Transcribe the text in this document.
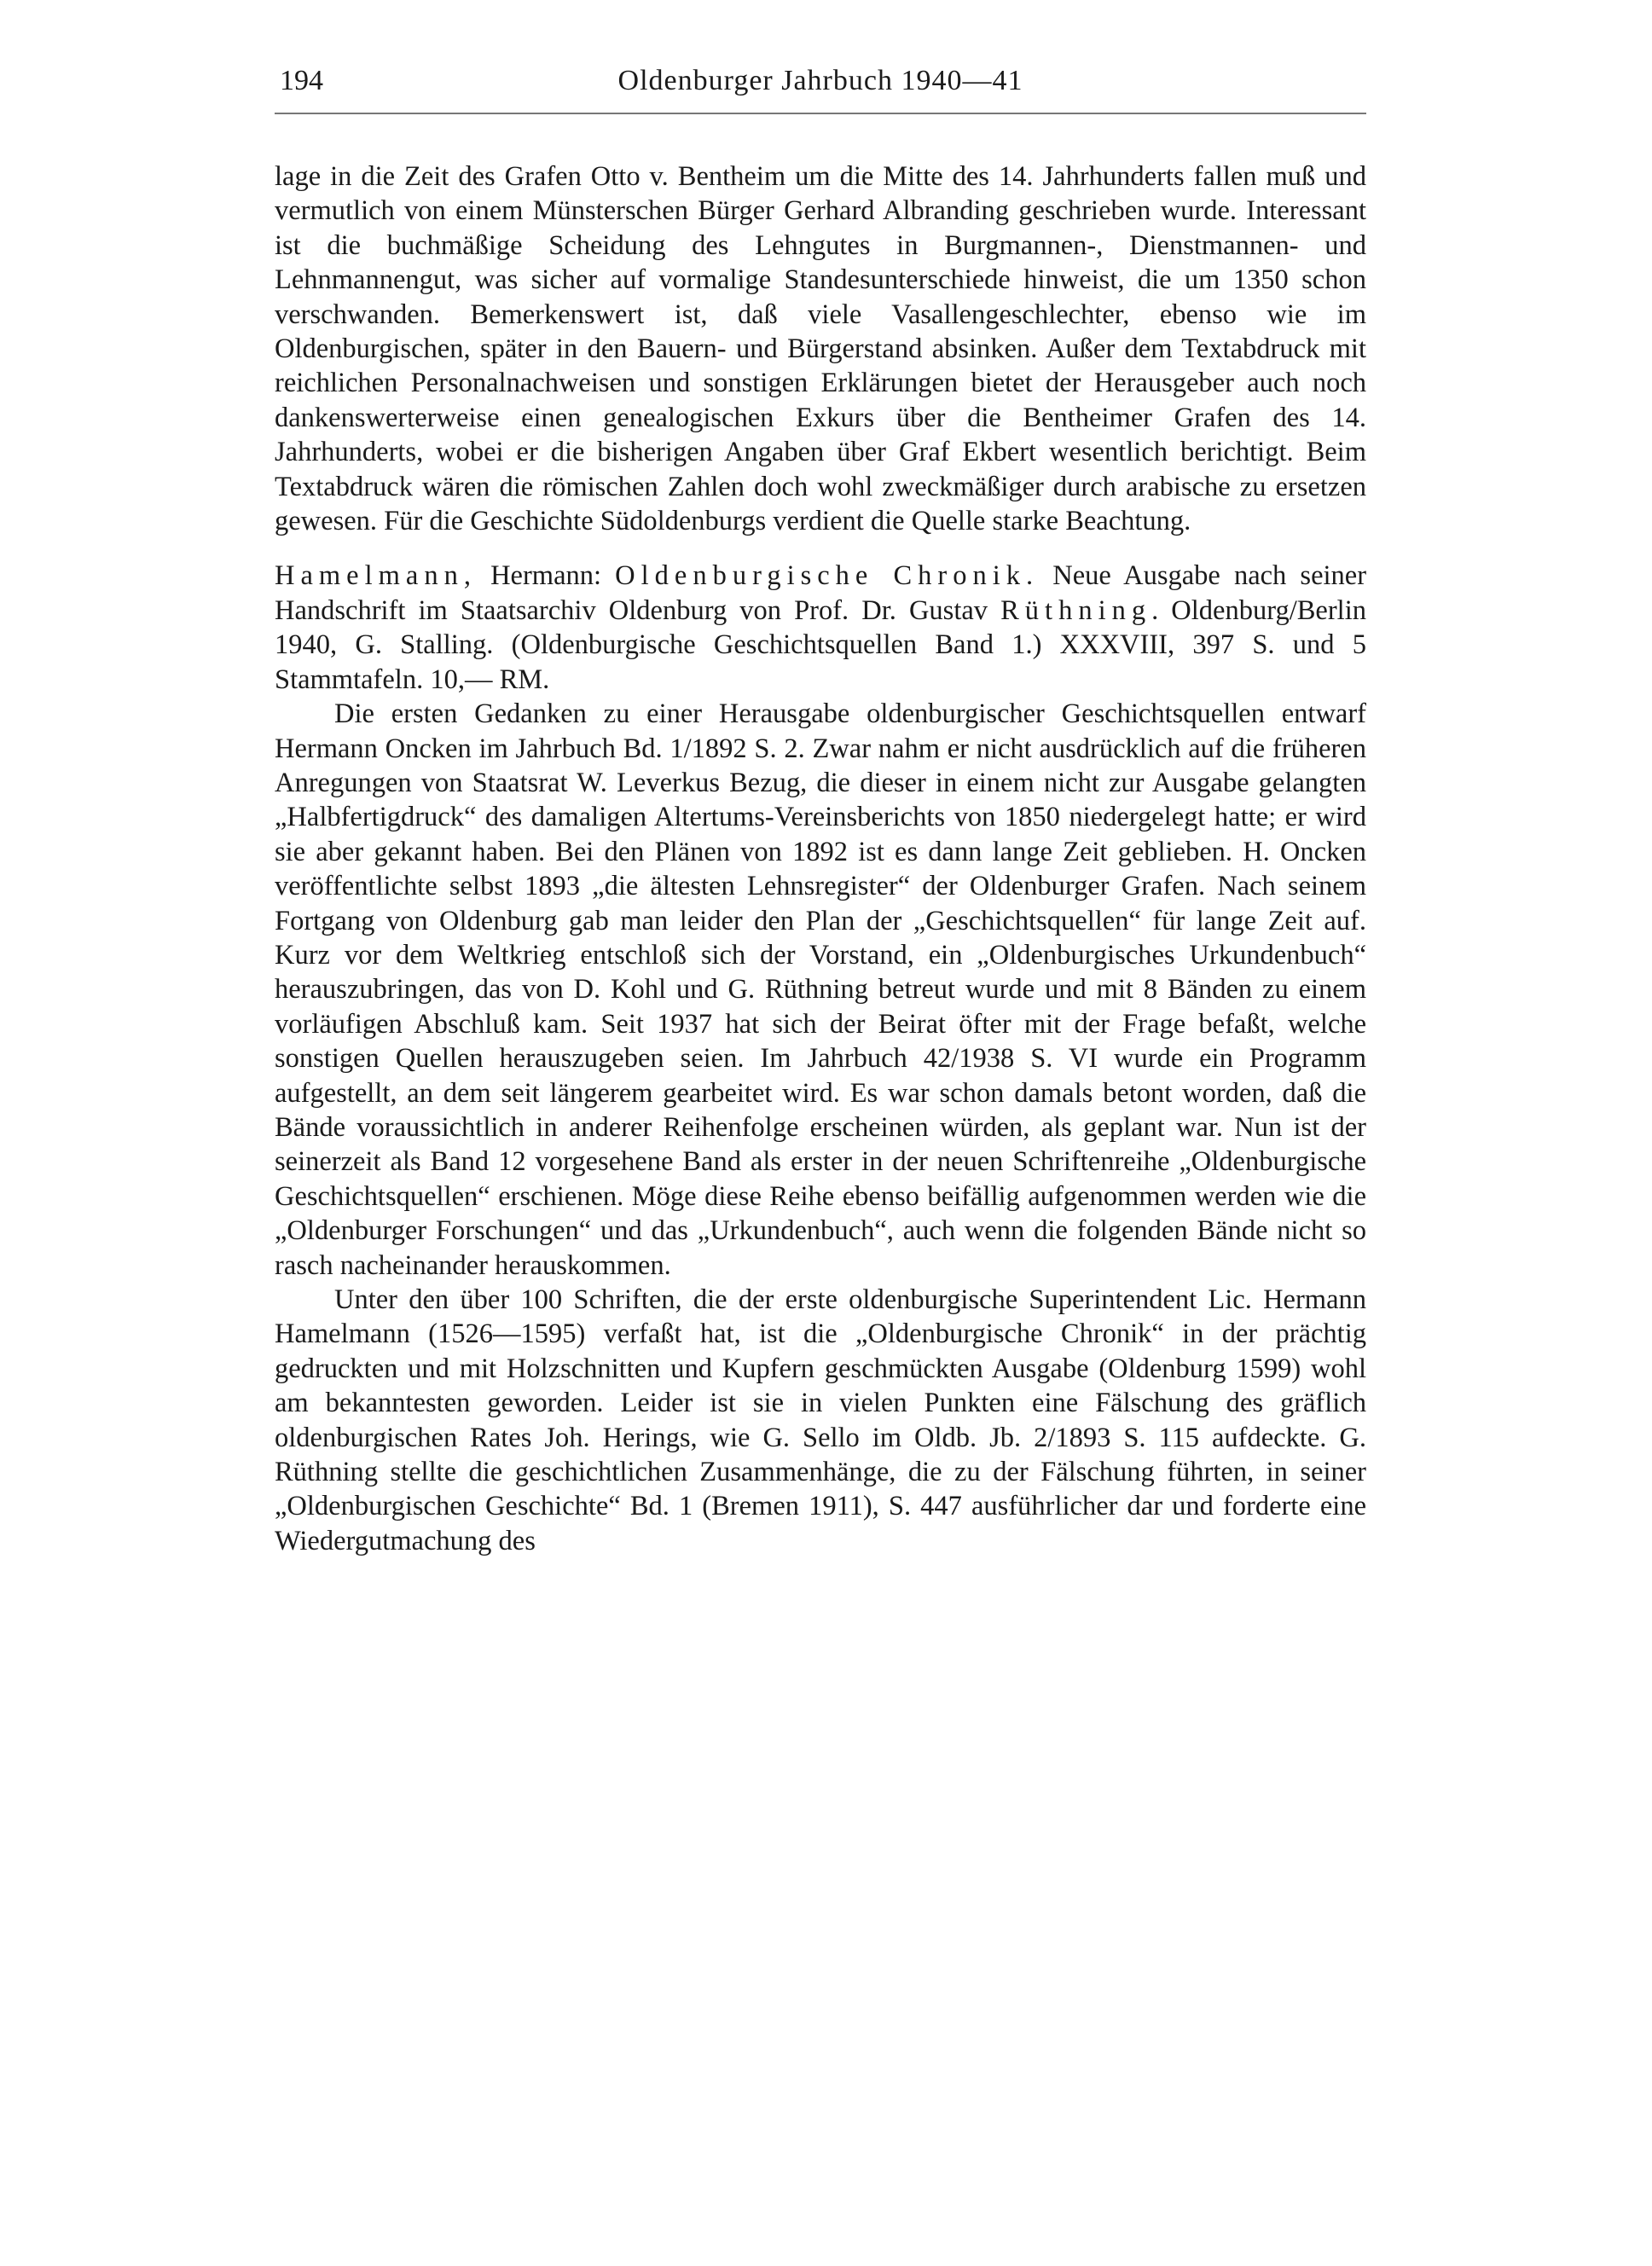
194	Oldenburger Jahrbuch 1940—41

lage in die Zeit des Grafen Otto v. Bentheim um die Mitte des 14. Jahrhunderts fallen muß und vermutlich von einem Münsterschen Bürger Gerhard Albranding geschrieben wurde. Interessant ist die buchmäßige Scheidung des Lehngutes in Burgmannen-, Dienstmannen- und Lehnmannengut, was sicher auf vormalige Standesunterschiede hinweist, die um 1350 schon verschwanden. Bemerkenswert ist, daß viele Vasallengeschlechter, ebenso wie im Oldenburgischen, später in den Bauern- und Bürgerstand absinken. Außer dem Textabdruck mit reichlichen Personalnachweisen und sonstigen Erklärungen bietet der Herausgeber auch noch dankenswerterweise einen genealogischen Exkurs über die Bentheimer Grafen des 14. Jahrhunderts, wobei er die bisherigen Angaben über Graf Ekbert wesentlich berichtigt. Beim Textabdruck wären die römischen Zahlen doch wohl zweckmäßiger durch arabische zu ersetzen gewesen. Für die Geschichte Südoldenburgs verdient die Quelle starke Beachtung.

Hamelmann, Hermann: Oldenburgische Chronik. Neue Ausgabe nach seiner Handschrift im Staatsarchiv Oldenburg von Prof. Dr. Gustav Rüthning. Oldenburg/Berlin 1940, G. Stalling. (Oldenburgische Geschichtsquellen Band 1.) XXXVIII, 397 S. und 5 Stammtafeln. 10,— RM.

Die ersten Gedanken zu einer Herausgabe oldenburgischer Geschichtsquellen entwarf Hermann Oncken im Jahrbuch Bd. 1/1892 S. 2. Zwar nahm er nicht ausdrücklich auf die früheren Anregungen von Staatsrat W. Leverkus Bezug, die dieser in einem nicht zur Ausgabe gelangten „Halbfertigdruck“ des damaligen Altertums-Vereinsberichts von 1850 niedergelegt hatte; er wird sie aber gekannt haben. Bei den Plänen von 1892 ist es dann lange Zeit geblieben. H. Oncken veröffentlichte selbst 1893 „die ältesten Lehnsregister“ der Oldenburger Grafen. Nach seinem Fortgang von Oldenburg gab man leider den Plan der „Geschichtsquellen“ für lange Zeit auf. Kurz vor dem Weltkrieg entschloß sich der Vorstand, ein „Oldenburgisches Urkundenbuch“ herauszubringen, das von D. Kohl und G. Rüthning betreut wurde und mit 8 Bänden zu einem vorläufigen Abschluß kam. Seit 1937 hat sich der Beirat öfter mit der Frage befaßt, welche sonstigen Quellen herauszugeben seien. Im Jahrbuch 42/1938 S. VI wurde ein Programm aufgestellt, an dem seit längerem gearbeitet wird. Es war schon damals betont worden, daß die Bände voraussichtlich in anderer Reihenfolge erscheinen würden, als geplant war. Nun ist der seinerzeit als Band 12 vorgesehene Band als erster in der neuen Schriftenreihe „Oldenburgische Geschichtsquellen“ erschienen. Möge diese Reihe ebenso beifällig aufgenommen werden wie die „Oldenburger Forschungen“ und das „Urkundenbuch“, auch wenn die folgenden Bände nicht so rasch nacheinander herauskommen.

Unter den über 100 Schriften, die der erste oldenburgische Superintendent Lic. Hermann Hamelmann (1526—1595) verfaßt hat, ist die „Oldenburgische Chronik“ in der prächtig gedruckten und mit Holzschnitten und Kupfern geschmückten Ausgabe (Oldenburg 1599) wohl am bekanntesten geworden. Leider ist sie in vielen Punkten eine Fälschung des gräflich oldenburgischen Rates Joh. Herings, wie G. Sello im Oldb. Jb. 2/1893 S. 115 aufdeckte. G. Rüthning stellte die geschichtlichen Zusammenhänge, die zu der Fälschung führten, in seiner „Oldenburgischen Geschichte“ Bd. 1 (Bremen 1911), S. 447 ausführlicher dar und forderte eine Wiedergutmachung des
